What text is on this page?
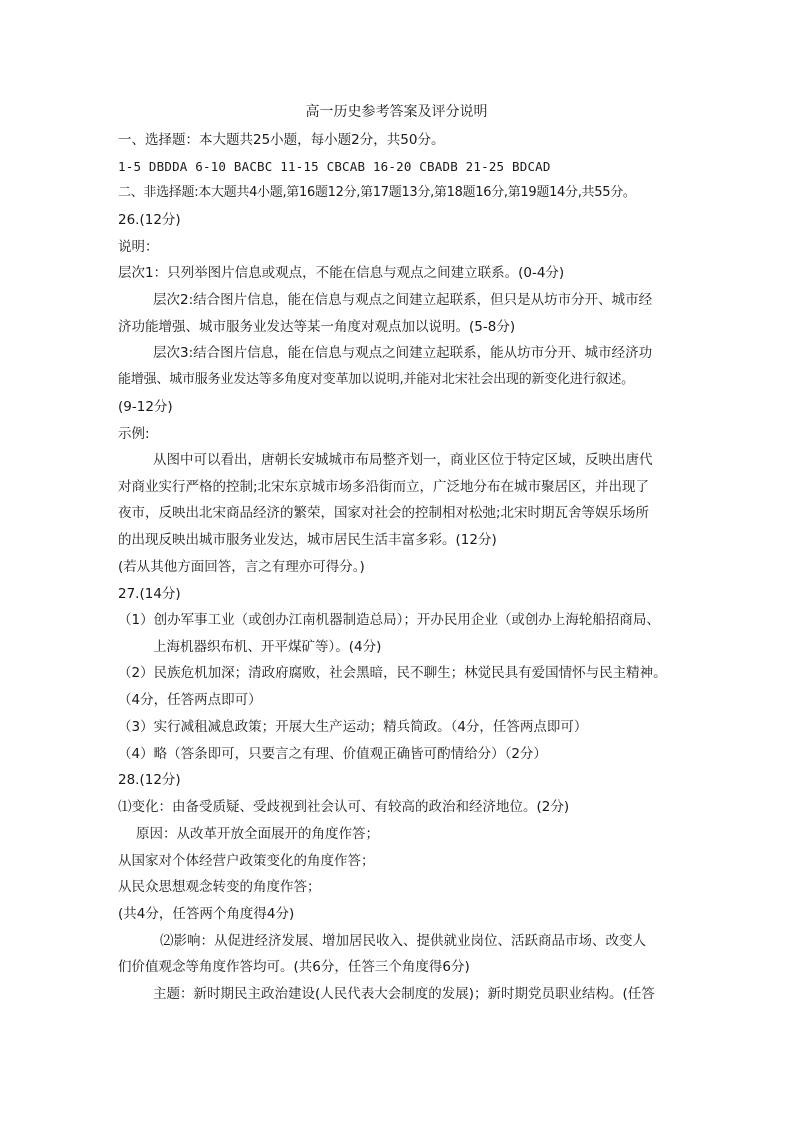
高一历史参考答案及评分说明
一、选择题：本大题共25小题，每小题2分，共50分。
1-5 DBDDA 6-10 BACBC 11-15 CBCAB 16-20 CBADB 21-25 BDCAD
二、非选择题:本大题共4小题,第16题12分,第17题13分,第18题16分,第19题14分,共55分。
26.(12分)
说明：
层次1：只列举图片信息或观点，不能在信息与观点之间建立联系。(0-4分)
层次2:结合图片信息，能在信息与观点之间建立起联系，但只是从坊市分开、城市经
济功能增强、城市服务业发达等某一角度对观点加以说明。(5-8分)
层次3:结合图片信息，能在信息与观点之间建立起联系，能从坊市分开、城市经济功
能增强、城市服务业发达等多角度对变革加以说明,并能对北宋社会出现的新变化进行叙述。
(9-12分)
示例:
从图中可以看出，唐朝长安城城市布局整齐划一，商业区位于特定区域，反映出唐代
对商业实行严格的控制;北宋东京城市场多沿街而立，广泛地分布在城市聚居区，并出现了
夜市，反映出北宋商品经济的繁荣，国家对社会的控制相对松弛;北宋时期瓦舍等娱乐场所
的出现反映出城市服务业发达，城市居民生活丰富多彩。(12分)
(若从其他方面回答，言之有理亦可得分。)
27.(14分)
（1）创办军事工业（或创办江南机器制造总局）；开办民用企业（或创办上海轮船招商局、
上海机器织布机、开平煤矿等）。(4分)
（2）民族危机加深；清政府腐败，社会黑暗，民不聊生；林觉民具有爱国情怀与民主精神。
（4分，任答两点即可）
（3）实行减租减息政策；开展大生产运动；精兵简政。（4分，任答两点即可）
（4）略（答条即可，只要言之有理、价值观正确皆可酌情给分）（2分）
28.(12分)
⑴变化：由备受质疑、受歧视到社会认可、有较高的政治和经济地位。(2分)
原因：从改革开放全面展开的角度作答；
从国家对个体经营户政策变化的角度作答；
从民众思想观念转变的角度作答；
(共4分，任答两个角度得4分)
⑵影响：从促进经济发展、增加居民收入、提供就业岗位、活跃商品市场、改变人
们价值观念等角度作答均可。(共6分，任答三个角度得6分)
主题：新时期民主政治建设(人民代表大会制度的发展)；新时期党员职业结构。(任答
